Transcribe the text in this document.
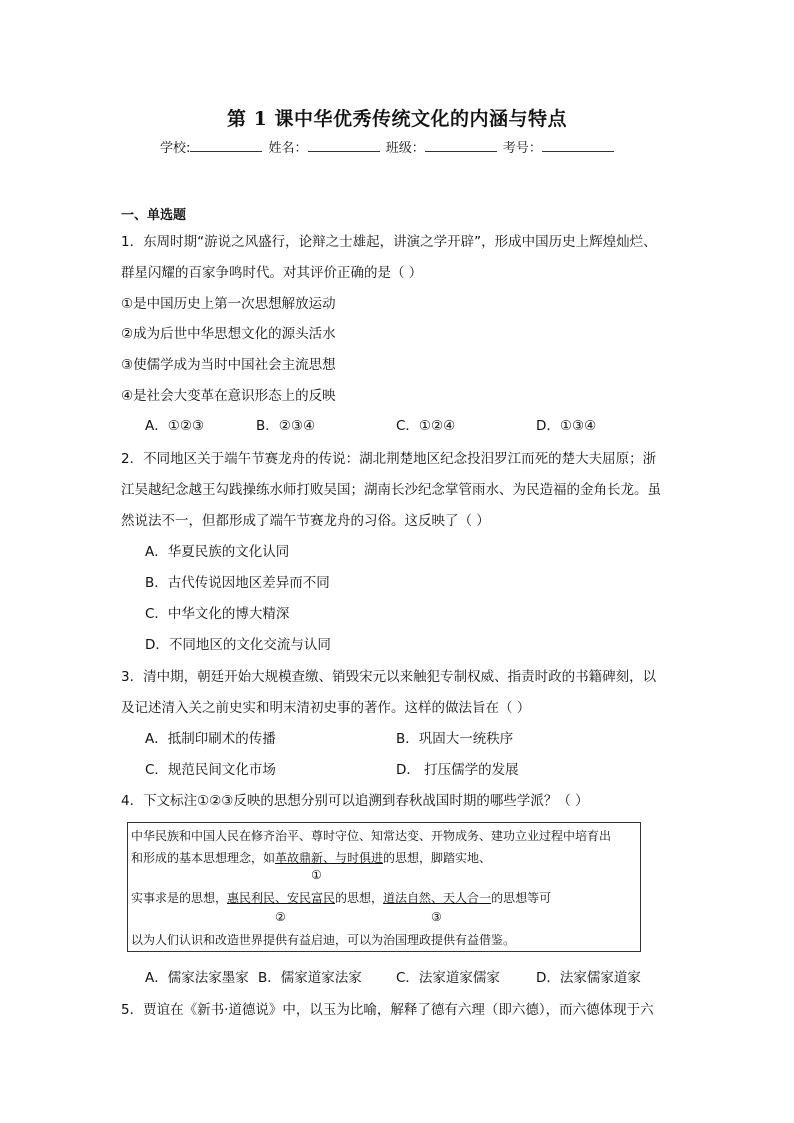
第 1 课中华优秀传统文化的内涵与特点
学校:	姓名：	班级：	考号：
一、单选题
1．东周时期“游说之风盛行，论辩之士雄起，讲演之学开辟”，形成中国历史上辉煌灿烂、
群星闪耀的百家争鸣时代。对其评价正确的是（ ）
①是中国历史上第一次思想解放运动
②成为后世中华思想文化的源头活水
③使儒学成为当时中国社会主流思想
④是社会大变革在意识形态上的反映
A．①②③	B．②③④	C．①②④	D．①③④
2．不同地区关于端午节赛龙舟的传说：湖北荆楚地区纪念投汨罗江而死的楚大夫屈原；浙
江吴越纪念越王勾践操练水师打败吴国；湖南长沙纪念掌管雨水、为民造福的金角长龙。虽
然说法不一，但都形成了端午节赛龙舟的习俗。这反映了（ ）
A．华夏民族的文化认同
B．古代传说因地区差异而不同
C．中华文化的博大精深
D．不同地区的文化交流与认同
3．清中期，朝廷开始大规模查缴、销毁宋元以来触犯专制权威、指责时政的书籍碑刻，以
及记述清入关之前史实和明末清初史事的著作。这样的做法旨在（ ）
A．抵制印刷术的传播	B．巩固大一统秩序
C．规范民间文化市场	D． 打压儒学的发展
4．下文标注①②③反映的思想分别可以追溯到春秋战国时期的哪些学派？（ ）
中华民族和中国人民在修齐治平、尊时守位、知常达变、开物成务、建功立业过程中培育出
和形成的基本思想理念，如革故鼎新、与时俱进的思想，脚踏实地、
①
实事求是的思想，惠民利民、安民富民的思想，道法自然、天人合一的思想等可
②	③
以为人们认识和改造世界提供有益启迪，可以为治国理政提供有益借鉴。
A．儒家法家墨家 B．儒家道家法家	C．法家道家儒家	D．法家儒家道家
5．贾谊在《新书·道德说》中，以玉为比喻，解释了德有六理（即六德），而六德体现于六
